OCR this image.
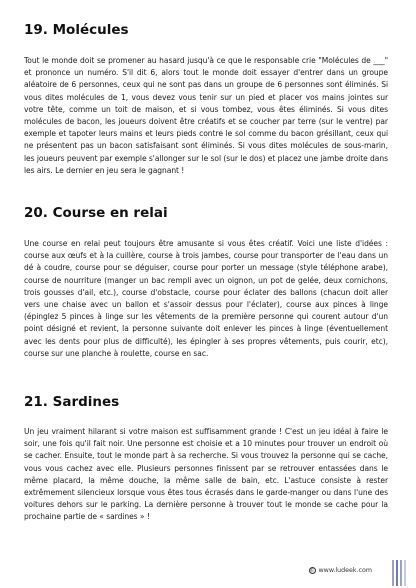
19. Molécules

Tout le monde doit se promener au hasard jusqu'à ce que le responsable crie "Molécules de ___" et prononce un numéro. S'il dit 6, alors tout le monde doit essayer d'entrer dans un groupe aléatoire de 6 personnes, ceux qui ne sont pas dans un groupe de 6 personnes sont éliminés. Si vous dites molécules de 1, vous devez vous tenir sur un pied et placer vos mains jointes sur votre tête, comme un toit de maison, et si vous tombez, vous êtes éliminés. Si vous dites molécules de bacon, les joueurs doivent être créatifs et se coucher par terre (sur le ventre) par exemple et tapoter leurs mains et leurs pieds contre le sol comme du bacon grésillant, ceux qui ne présentent pas un bacon satisfaisant sont éliminés. Si vous dites molécules de sous-marin, les joueurs peuvent par exemple s'allonger sur le sol (sur le dos) et placez une jambe droite dans les airs. Le dernier en jeu sera le gagnant !

20. Course en relai

Une course en relai peut toujours être amusante si vous êtes créatif. Voici une liste d'idées : course aux œufs et à la cuillère, course à trois jambes, course pour transporter de l'eau dans un dé à coudre, course pour se déguiser, course pour porter un message (style téléphone arabe), course de nourriture (manger un bac rempli avec un oignon, un pot de gelée, deux cornichons, trois gousses d'ail, etc.), course d'obstacle, course pour éclater des ballons (chacun doit aller vers une chaise avec un ballon et s'assoir dessus pour l'éclater), course aux pinces à linge (épinglez 5 pinces à linge sur les vêtements de la première personne qui courent autour d'un point désigné et revient, la personne suivante doit enlever les pinces à linge (éventuellement avec les dents pour plus de difficulté), les épingler à ses propres vêtements, puis courir, etc), course sur une planche à roulette, course en sac.

21. Sardines

Un jeu vraiment hilarant si votre maison est suffisamment grande ! C'est un jeu idéal à faire le soir, une fois qu'il fait noir. Une personne est choisie et a 10 minutes pour trouver un endroit où se cacher. Ensuite, tout le monde part à sa recherche. Si vous trouvez la personne qui se cache, vous vous cachez avec elle. Plusieurs personnes finissent par se retrouver entassées dans le même placard, la même douche, la même salle de bain, etc. L'astuce consiste à rester extrêmement silencieux lorsque vous êtes tous écrasés dans le garde-manger ou dans l'une des voitures dehors sur le parking. La dernière personne à trouver tout le monde se cache pour la prochaine partie de « sardines » !

© www.ludeek.com
